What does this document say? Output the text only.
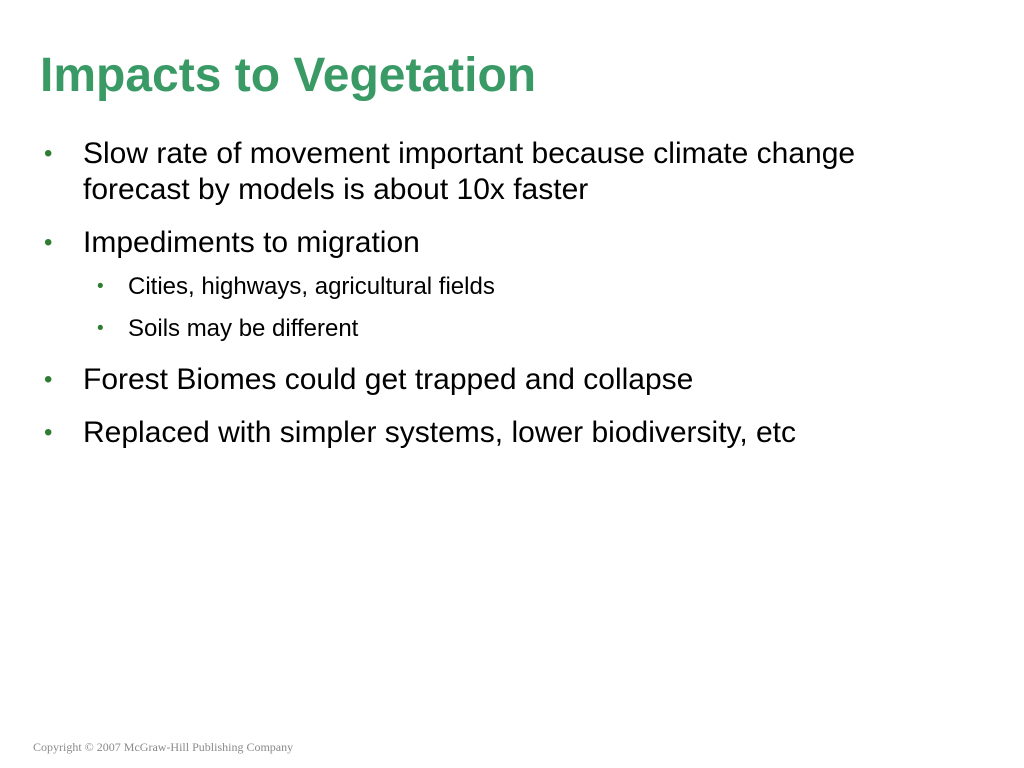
Impacts to Vegetation
• Slow rate of movement important because climate change forecast by models is about 10x faster
• Impediments to migration
• Cities, highways, agricultural fields
• Soils may be different
• Forest Biomes could get trapped and collapse
• Replaced with simpler systems, lower biodiversity, etc
Copyright © 2007 McGraw-Hill Publishing Company
